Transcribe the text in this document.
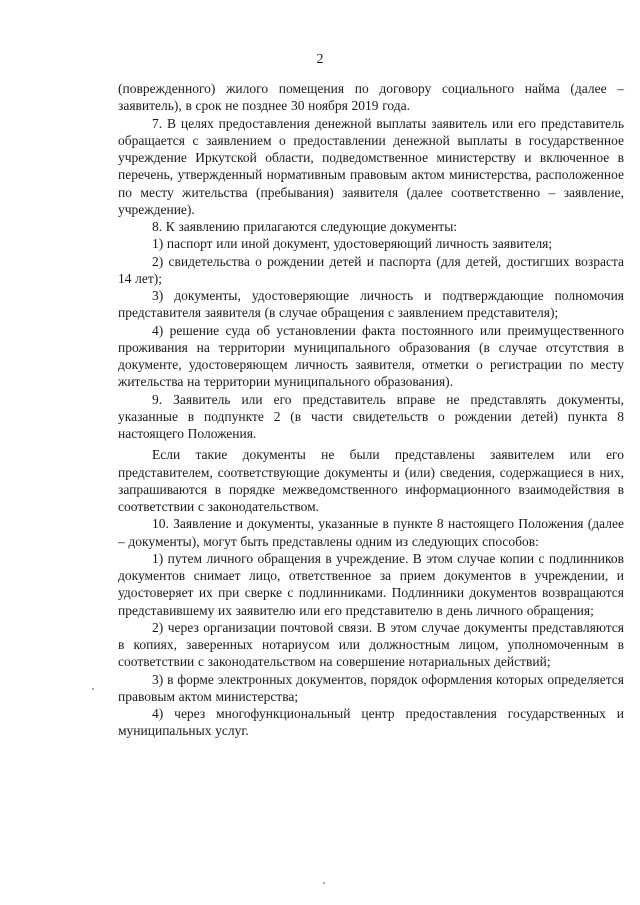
2

(поврежденного) жилого помещения по договору социального найма (далее – заявитель), в срок не позднее 30 ноября 2019 года.

7. В целях предоставления денежной выплаты заявитель или его представитель обращается с заявлением о предоставлении денежной выплаты в государственное учреждение Иркутской области, подведомственное министерству и включенное в перечень, утвержденный нормативным правовым актом министерства, расположенное по месту жительства (пребывания) заявителя (далее соответственно – заявление, учреждение).

8. К заявлению прилагаются следующие документы:

1) паспорт или иной документ, удостоверяющий личность заявителя;

2) свидетельства о рождении детей и паспорта (для детей, достигших возраста 14 лет);

3) документы, удостоверяющие личность и подтверждающие полномочия представителя заявителя (в случае обращения с заявлением представителя);

4) решение суда об установлении факта постоянного или преимущественного проживания на территории муниципального образования (в случае отсутствия в документе, удостоверяющем личность заявителя, отметки о регистрации по месту жительства на территории муниципального образования).

9. Заявитель или его представитель вправе не представлять документы, указанные в подпункте 2 (в части свидетельств о рождении детей) пункта 8 настоящего Положения.

Если такие документы не были представлены заявителем или его представителем, соответствующие документы и (или) сведения, содержащиеся в них, запрашиваются в порядке межведомственного информационного взаимодействия в соответствии с законодательством.

10. Заявление и документы, указанные в пункте 8 настоящего Положения (далее – документы), могут быть представлены одним из следующих способов:

1) путем личного обращения в учреждение. В этом случае копии с подлинников документов снимает лицо, ответственное за прием документов в учреждении, и удостоверяет их при сверке с подлинниками. Подлинники документов возвращаются представившему их заявителю или его представителю в день личного обращения;

2) через организации почтовой связи. В этом случае документы представляются в копиях, заверенных нотариусом или должностным лицом, уполномоченным в соответствии с законодательством на совершение нотариальных действий;

3) в форме электронных документов, порядок оформления которых определяется правовым актом министерства;

4) через многофункциональный центр предоставления государственных и муниципальных услуг.
